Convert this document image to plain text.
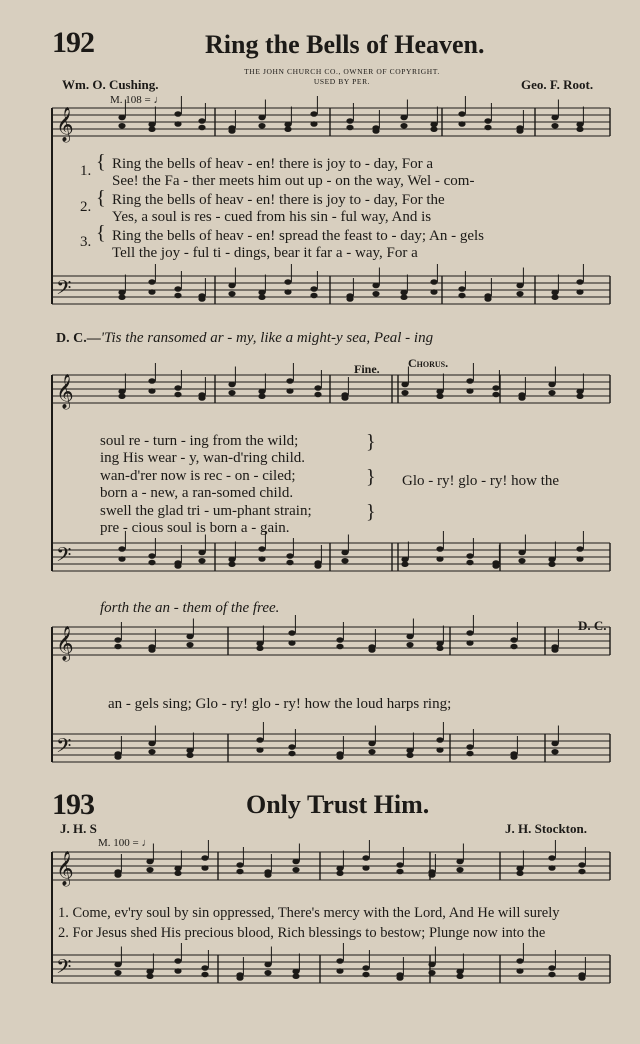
192	Ring the Bells of Heaven.
Wm. O. Cushing.
THE JOHN CHURCH CO., OWNER OF COPYRIGHT.
USED BY PER.	Geo. F. Root.
M. 108 = ♩
𝄞
𝄢
𝄞
𝄢
𝄞
𝄢
𝄞
𝄢
1.
2.
3.
{
{
{
Ring the bells of heav - en! there is joy to - day, For a
See! the Fa - ther meets him out up - on the way, Wel - com-
Ring the bells of heav - en! there is joy to - day, For the
Yes, a soul is res - cued from his sin - ful way, And is
Ring the bells of heav - en! spread the feast to - day; An - gels
Tell the joy - ful ti - dings, bear it far a - way, For a
D. C.—'Tis the ransomed ar - my, like a might-y sea, Peal - ing
Fine. Chorus.
soul re - turn - ing from the wild;
ing His wear - y, wan-d'ring child.
wan-d'rer now is rec - on - ciled;
born a - new, a ran-somed child.
swell the glad tri - um-phant strain;
pre - cious soul is born a - gain.
}
}
}
Glo - ry! glo - ry! how the
forth the an - them of the free.
D. C.
an - gels sing; Glo - ry! glo - ry! how the loud harps ring;
193	Only Trust Him.
J. H. S	J. H. Stockton.
M. 100 = ♩
1. Come, ev'ry soul by sin oppressed, There's mercy with the Lord, And He will surely
2. For Jesus shed His precious blood, Rich blessings to bestow; Plunge now into the
